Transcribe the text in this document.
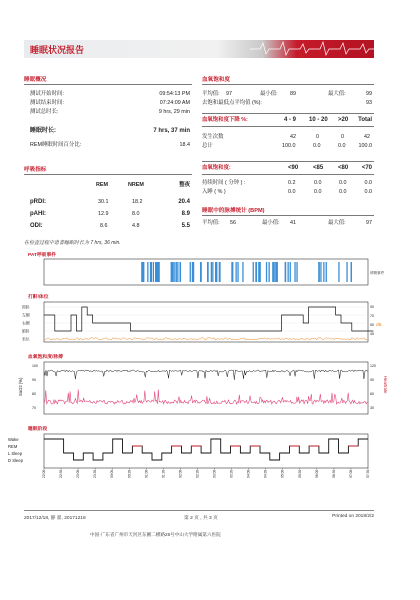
睡眠状况报告
睡眠概况
测试开始时间:	09:54:13 PM
测试结束时间:	07:24:09 AM
测试总时长:	9 hrs, 29 min
睡眠时长:	7 hrs, 37 min
REM睡眠时间百分比:	18.4
呼吸指标
REM	NREM	整夜
pRDI:	30.1	18.2	20.4
pAHI:	12.9	8.0	8.9
ODI:	8.6	4.8	5.5
血氧饱和度
平均值: 97	最小值: 89	最大值:	99
去饱和最低点平均值 (%):	93
血氧饱和度下降 %:	4 - 9 10 - 20 >20 Total
发生次数	42	0	0	42
总计	100.0	0.0	0.0 100.0
血氧饱和度:	<90 <85 <80 <70
持续时间 ( 分钟 ) :	0.2	0.0	0.0	0.0
入睡 ( % )	0.0	0.0	0.0	0.0
睡眠中的脉搏统计 (BPM)
平均值: 56	最小值: 41	最大值:	97
在检查过程中患者睡眠时长为 7 hrs, 36 min.
PAT呼吸事件
呼吸事件
打鼾/体位
仰卧
左侧
右侧
俯卧
坐位
90
70
50
40
dB
血氧饱和度/脉搏
100
90
80
70
120
90
60
30
SaO2 (%)	Heartrate
睡眠阶段
Wake
REM
L Sleep
D Sleep
22:00	22:30	23:00	23:30	00:00	00:30	01:00	01:30	02:00	02:30	03:00	03:30	04:00	04:30	05:00	05:30	06:00	06:30	07:00	07:30
2017/12/18, 静 翟, 20171218	第 2 页 , 共 3 页	Printed on 2018/2/2
中国·广东省广州市天河区东圃二横路26号中山大学附属第六医院
